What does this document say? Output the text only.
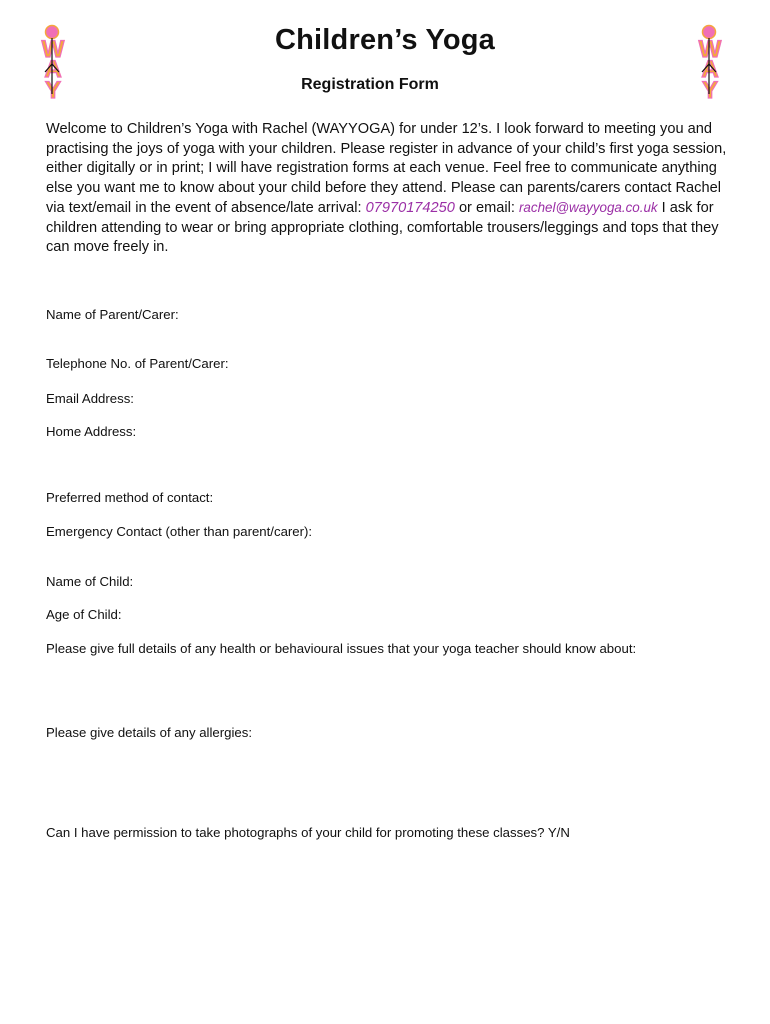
W
A
Y
W
A
Y
Children’s Yoga
Registration Form

Welcome to Children’s Yoga with Rachel (WAYYOGA) for under 12’s. I look forward to meeting you and practising the joys of yoga with your children. Please register in advance of your child’s first yoga session, either digitally or in print; I will have registration forms at each venue. Feel free to communicate anything else you want me to know about your child before they attend. Please can parents/carers contact Rachel via text/email in the event of absence/late arrival: 07970174250 or email: rachel@wayyoga.co.uk I ask for children attending to wear or bring appropriate clothing, comfortable trousers/leggings and tops that they can move freely in.

Name of Parent/Carer:

Telephone No. of Parent/Carer:

Email Address:

Home Address:

Preferred method of contact:

Emergency Contact (other than parent/carer):

Name of Child:

Age of Child:

Please give full details of any health or behavioural issues that your yoga teacher should know about:

Please give details of any allergies:

Can I have permission to take photographs of your child for promoting these classes? Y/N
